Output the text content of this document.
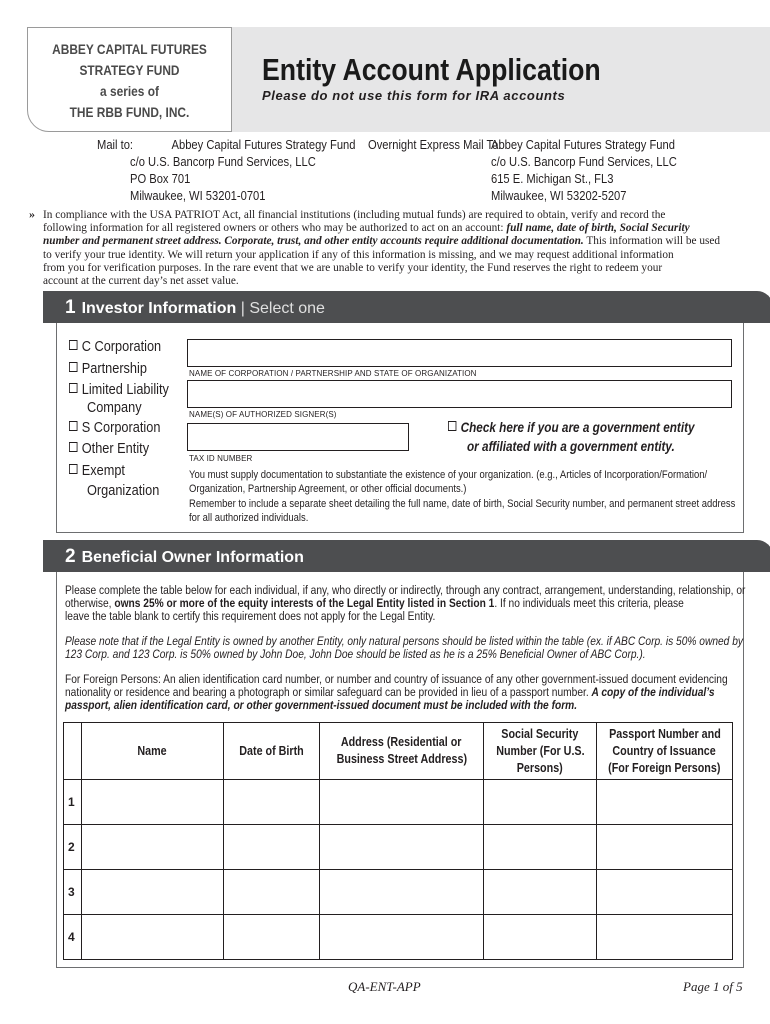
ABBEY CAPITAL FUTURES
STRATEGY FUND
a series of
THE RBB FUND, INC.
Entity Account Application
Please do not use this form for IRA accounts
Mail to:	Abbey Capital Futures Strategy Fund
c/o U.S. Bancorp Fund Services, LLC
PO Box 701
Milwaukee, WI 53201-0701
Overnight Express Mail To:
Abbey Capital Futures Strategy Fund
c/o U.S. Bancorp Fund Services, LLC
615 E. Michigan St., FL3
Milwaukee, WI 53202-5207
» In compliance with the USA PATRIOT Act, all financial institutions (including mutual funds) are required to obtain, verify and record the
following information for all registered owners or others who may be authorized to act on an account: full name, date of birth, Social Security
number and permanent street address. Corporate, trust, and other entity accounts require additional documentation. This information will be used
to verify your true identity. We will return your application if any of this information is missing, and we may request additional information
from you for verification purposes. In the rare event that we are unable to verify your identity, the Fund reserves the right to redeem your
account at the current day’s net asset value.
1 Investor Information | Select one
C Corporation
Partnership
Limited Liability
Company
S Corporation
Other Entity
Exempt
Organization
NAME OF CORPORATION / PARTNERSHIP AND STATE OF ORGANIZATION
NAME(S) OF AUTHORIZED SIGNER(S)
TAX ID NUMBER
Check here if you are a government entity
or affiliated with a government entity.
You must supply documentation to substantiate the existence of your organization. (e.g., Articles of Incorporation/Formation/
Organization, Partnership Agreement, or other official documents.)
Remember to include a separate sheet detailing the full name, date of birth, Social Security number, and permanent street address
for all authorized individuals.
2 Beneficial Owner Information
Please complete the table below for each individual, if any, who directly or indirectly, through any contract, arrangement, understanding, relationship, or
otherwise, owns 25% or more of the equity interests of the Legal Entity listed in Section 1. If no individuals meet this criteria, please
leave the table blank to certify this requirement does not apply for the Legal Entity.
Please note that if the Legal Entity is owned by another Entity, only natural persons should be listed within the table (ex. if ABC Corp. is 50% owned by
123 Corp. and 123 Corp. is 50% owned by John Doe, John Doe should be listed as he is a 25% Beneficial Owner of ABC Corp.).
For Foreign Persons: An alien identification card number, or number and country of issuance of any other government-issued document evidencing
nationality or residence and bearing a photograph or similar safeguard can be provided in lieu of a passport number. A copy of the individual’s
passport, alien identification card, or other government-issued document must be included with the form.
	Name	Date of Birth	Address (Residential or
Business Street Address)	Social Security
Number (For U.S.
Persons)	Passport Number and
Country of Issuance
(For Foreign Persons)
1					
2					
3					
4					
QA-ENT-APP	Page 1 of 5
